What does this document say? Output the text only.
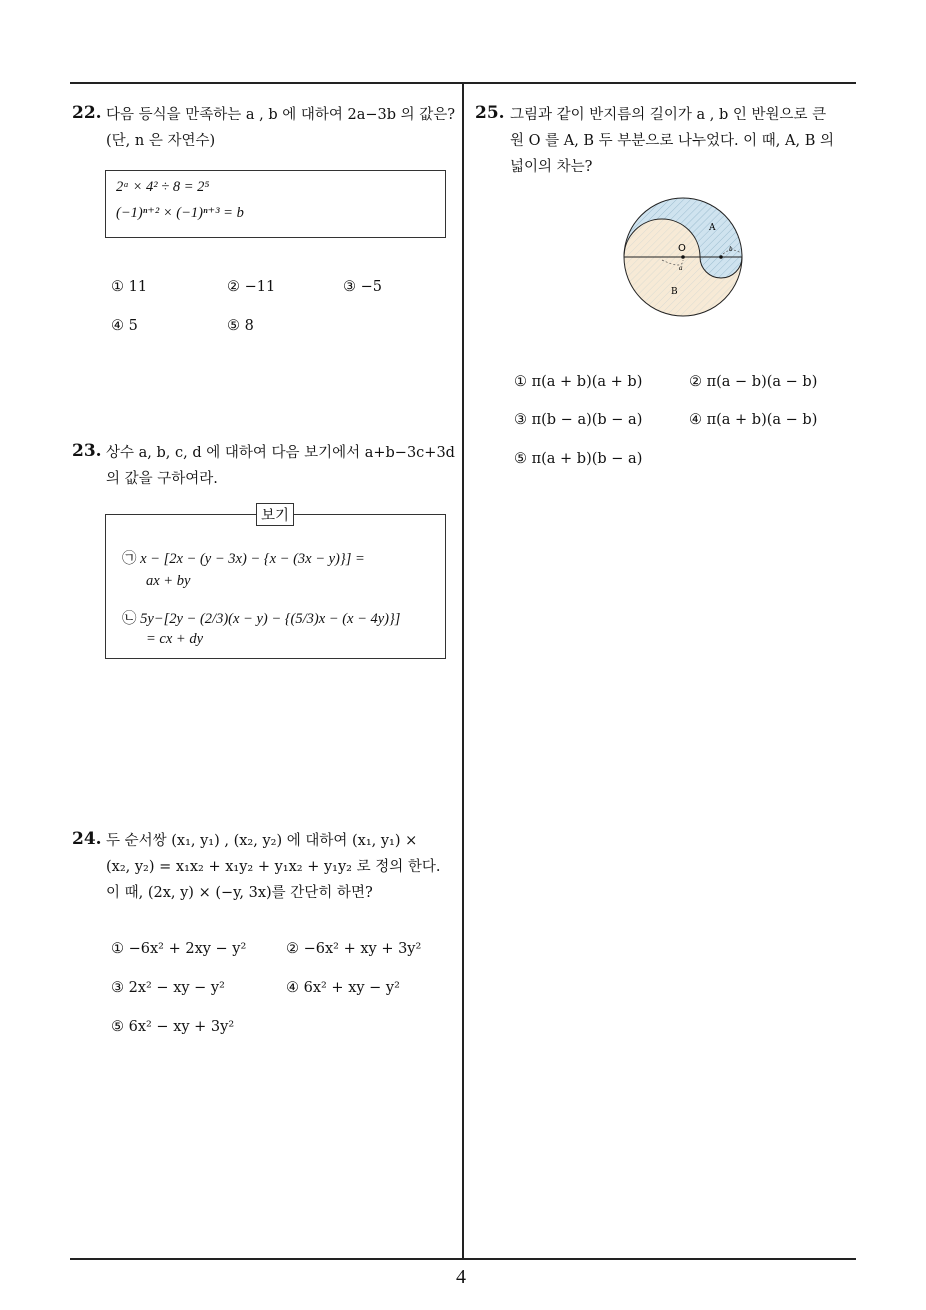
22. 다음 등식을 만족하는 a , b 에 대하여 2a−3b 의 값은?
(단, n 은 자연수)
2ᵃ × 4² ÷ 8 = 2⁵
(−1)ⁿ⁺² × (−1)ⁿ⁺³ = b
① 11	② −11	③ −5
④ 5	⑤ 8
23. 상수 a, b, c, d 에 대하여 다음 보기에서 a+b−3c+3d
의 값을 구하여라.
㉠ x − [2x − (y − 3x) − {x − (3x − y)}] =
ax + by
㉡ 5y−[2y − (2/3)(x − y) − {(5/3)x − (x − 4y)}]
= cx + dy
보기
24. 두 순서쌍 (x₁, y₁) , (x₂, y₂) 에 대하여 (x₁, y₁) ×
(x₂, y₂) = x₁x₂ + x₁y₂ + y₁x₂ + y₁y₂ 로 정의 한다.
이 때, (2x, y) × (−y, 3x)를 간단히 하면?
① −6x² + 2xy − y²	② −6x² + xy + 3y²
③ 2x² − xy − y²	④ 6x² + xy − y²
⑤ 6x² − xy + 3y²
25. 그림과 같이 반지름의 길이가 a , b 인 반원으로 큰
원 O 를 A, B 두 부분으로 나누었다. 이 때, A, B 의
넓이의 차는?
O
A
B
a
b
① π(a + b)(a + b)	② π(a − b)(a − b)
③ π(b − a)(b − a)	④ π(a + b)(a − b)
⑤ π(a + b)(b − a)
4
